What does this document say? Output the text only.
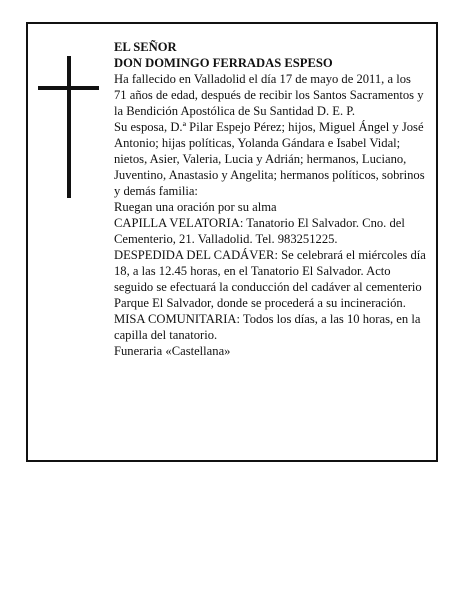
EL SEÑOR

DON DOMINGO FERRADAS ESPESO

Ha fallecido en Valladolid el día 17 de mayo de 2011, a los 71 años de edad, después de recibir los Santos Sacramentos y la Bendición Apostólica de Su Santidad D. E. P.

Su esposa, D.ª Pilar Espejo Pérez; hijos, Miguel Ángel y José Antonio; hijas políticas, Yolanda Gándara e Isabel Vidal; nietos, Asier, Valeria, Lucia y Adrián; hermanos, Luciano, Juventino, Anastasio y Angelita; hermanos políticos, sobrinos y demás familia:

Ruegan una oración por su alma

CAPILLA VELATORIA: Tanatorio El Salvador. Cno. del Cementerio, 21. Valladolid. Tel. 983251225.

DESPEDIDA DEL CADÁVER: Se celebrará el miércoles día 18, a las 12.45 horas, en el Tanatorio El Salvador. Acto seguido se efectuará la conducción del cadáver al cementerio Parque El Salvador, donde se procederá a su incineración.

MISA COMUNITARIA: Todos los días, a las 10 horas, en la capilla del tanatorio.

Funeraria «Castellana»
